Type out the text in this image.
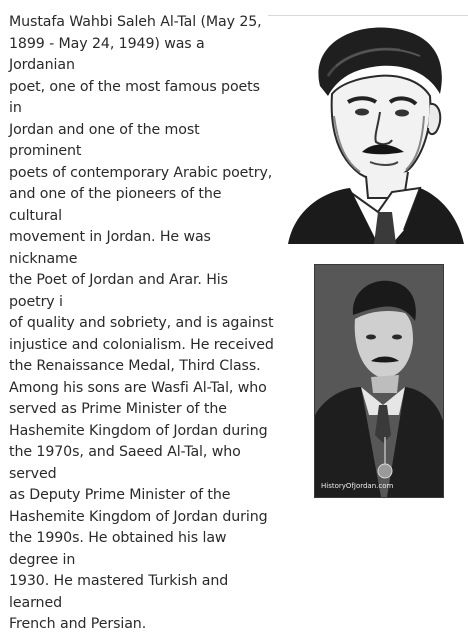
Mustafa Wahbi Saleh Al-Tal (May 25,
1899 - May 24, 1949) was a Jordanian
poet, one of the most famous poets in
Jordan and one of the most prominent
poets of contemporary Arabic poetry,
and one of the pioneers of the cultural
movement in Jordan. He was nickname
the Poet of Jordan and Arar. His poetry i
of quality and sobriety, and is against
injustice and colonialism. He received
the Renaissance Medal, Third Class.
Among his sons are Wasfi Al-Tal, who
served as Prime Minister of the
Hashemite Kingdom of Jordan during
the 1970s, and Saeed Al-Tal, who served
as Deputy Prime Minister of the
Hashemite Kingdom of Jordan during
the 1990s. He obtained his law degree in
1930. He mastered Turkish and learned
French and Persian.

HistoryOfJordan.com
